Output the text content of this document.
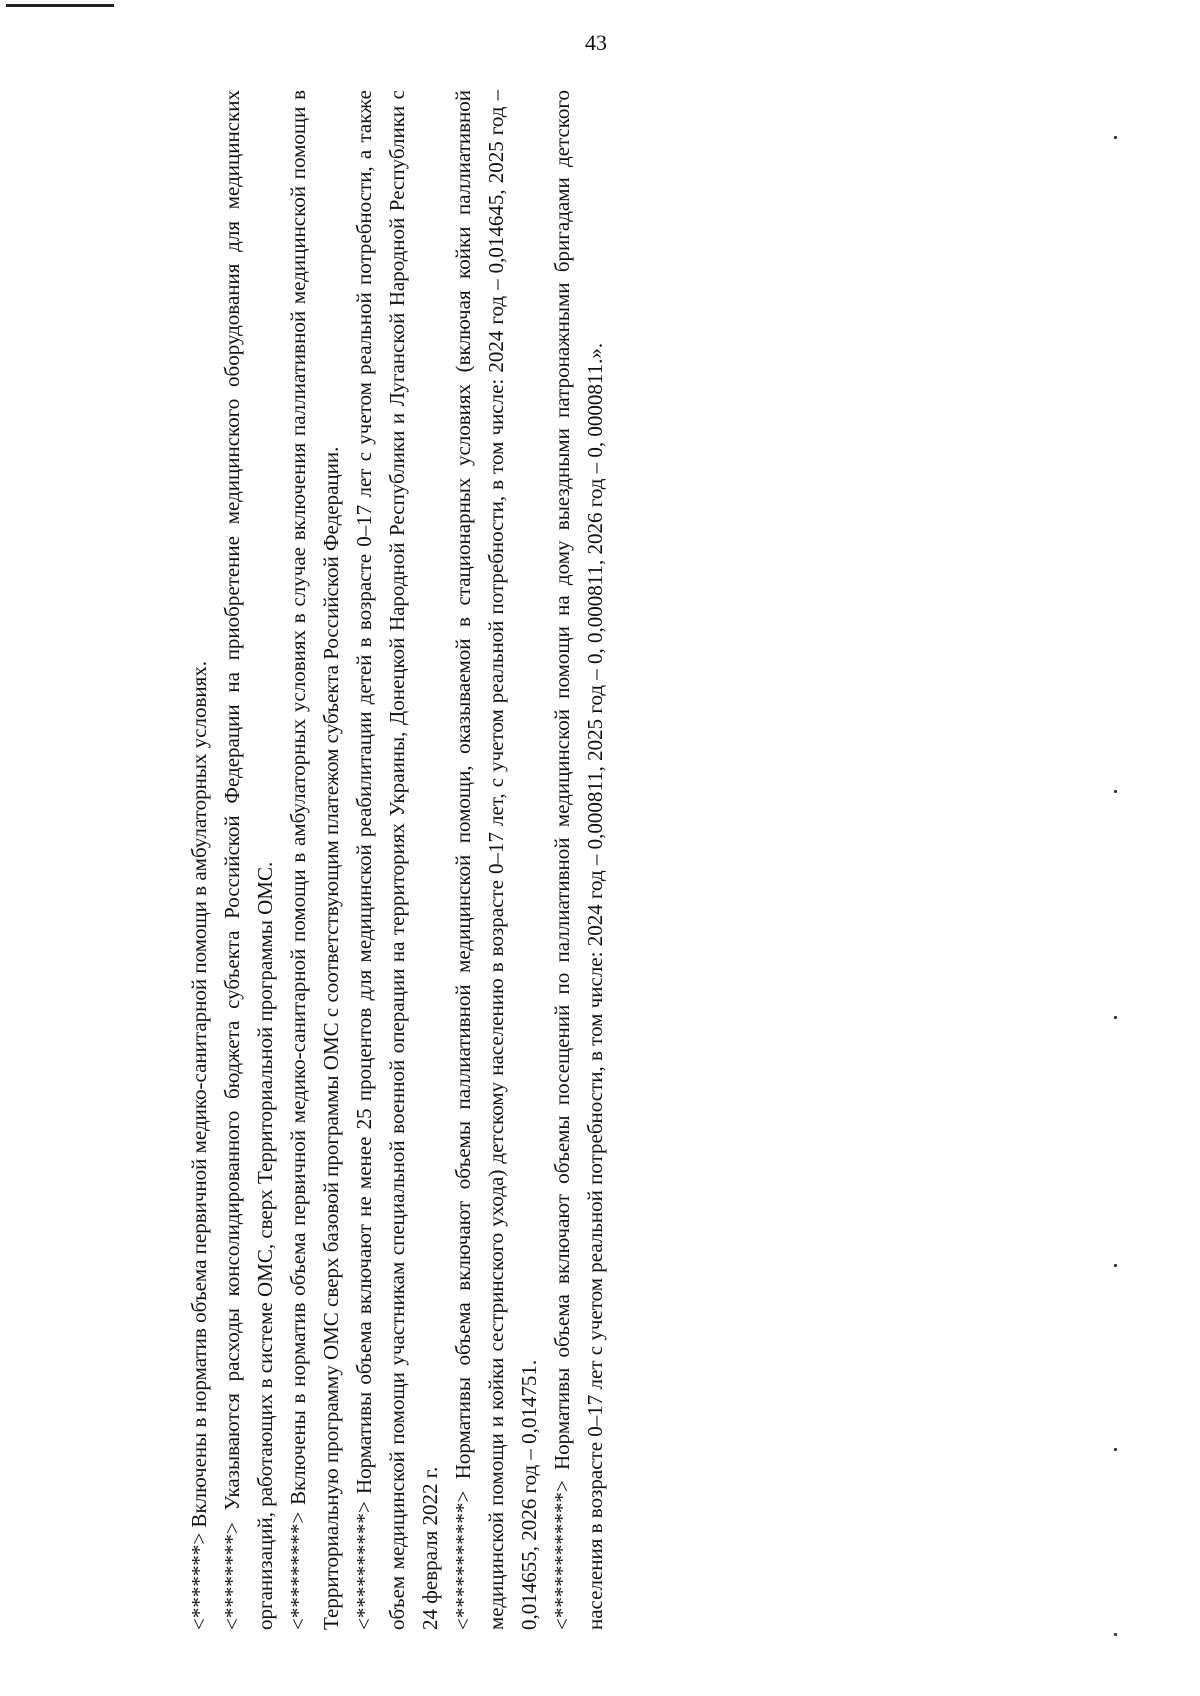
43

<*******> Включены в норматив объема первичной медико-санитарной помощи в амбулаторных условиях.

<********> Указываются расходы консолидированного бюджета субъекта Российской Федерации на приобретение медицинского оборудования для медицинских организаций, работающих в системе ОМС, сверх Территориальной программы ОМС. <*********> Включены в норматив объема первичной медико-санитарной помощи в амбулаторных условиях в случае включения паллиативной медицинской помощи в Территориальную программу ОМС сверх базовой программы ОМС с соответствующим платежом субъекта Российской Федерации. <**********> Нормативы объема включают не менее 25 процентов для медицинской реабилитации детей в возрасте 0–17 лет с учетом реальной потребности, а также объем медицинской помощи участникам специальной военной операции на территориях Украины, Донецкой Народной Республики и Луганской Народной Республики с 24 февраля 2022 г. <***********> Нормативы объема включают объемы паллиативной медицинской помощи, оказываемой в стационарных условиях (включая койки паллиативной медицинской помощи и койки сестринского ухода) детскому населению в возрасте 0–17 лет, с учетом реальной потребности, в том числе: 2024 год – 0,014645, 2025 год – 0,014655, 2026 год – 0,014751. <************> Нормативы объема включают объемы посещений по паллиативной медицинской помощи на дому выездными патронажными бригадами детского населения в возрасте 0–17 лет с учетом реальной потребности, в том числе: 2024 год – 0,000811, 2025 год – 0, 0,000811, 2026 год – 0, 0000811.».
